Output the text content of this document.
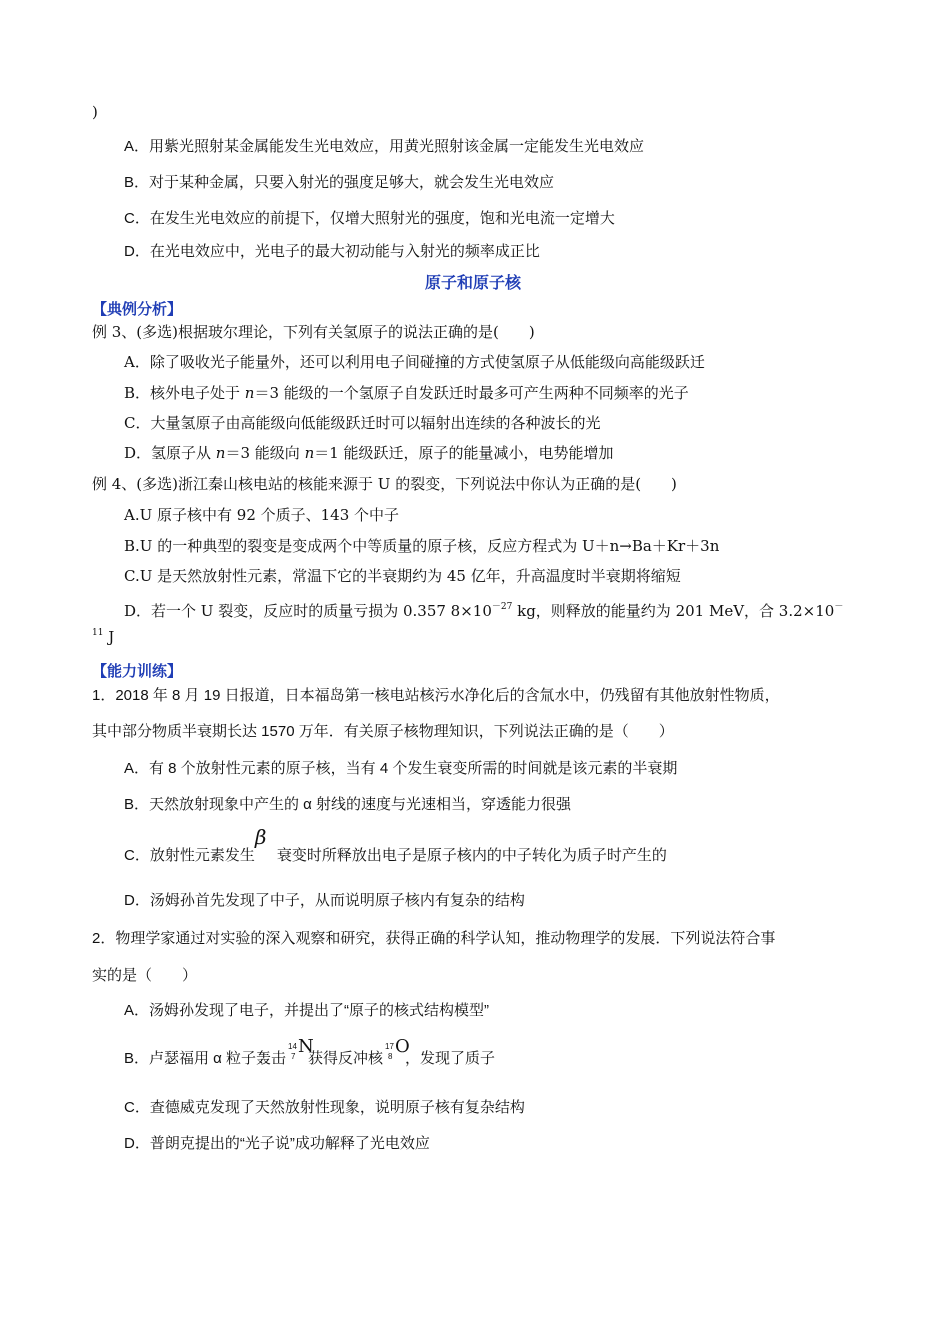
)
A．用紫光照射某金属能发生光电效应，用黄光照射该金属一定能发生光电效应
B．对于某种金属，只要入射光的强度足够大，就会发生光电效应
C．在发生光电效应的前提下，仅增大照射光的强度，饱和光电流一定增大
D．在光电效应中，光电子的最大初动能与入射光的频率成正比
原子和原子核
【典例分析】
例 3、(多选)根据玻尔理论，下列有关氢原子的说法正确的是(　　)
A．除了吸收光子能量外，还可以利用电子间碰撞的方式使氢原子从低能级向高能级跃迁
B．核外电子处于 n＝3 能级的一个氢原子自发跃迁时最多可产生两种不同频率的光子
C．大量氢原子由高能级向低能级跃迁时可以辐射出连续的各种波长的光
D．氢原子从 n＝3 能级向 n＝1 能级跃迁，原子的能量减小，电势能增加
例 4、(多选)浙江秦山核电站的核能来源于 U 的裂变，下列说法中你认为正确的是(　　)
A.U 原子核中有 92 个质子、143 个中子
B.U 的一种典型的裂变是变成两个中等质量的原子核，反应方程式为 U＋n→Ba＋Kr＋3n
C.U 是天然放射性元素，常温下它的半衰期约为 45 亿年，升高温度时半衰期将缩短
D．若一个 U 裂变，反应时的质量亏损为 0.357 $8\times 10^{-27}$ kg，则释放的能量约为 201 MeV，合 3.2×10－
$^{11}$ J
【能力训练】
1．2018 年 8 月 19 日报道，日本福岛第一核电站核污水净化后的含氚水中，仍残留有其他放射性物质，
其中部分物质半衰期长达 1570 万年．有关原子核物理知识，下列说法正确的是（　　）
A．有 8 个放射性元素的原子核，当有 4 个发生衰变所需的时间就是该元素的半衰期
B．天然放射现象中产生的 α 射线的速度与光速相当，穿透能力很强
C．放射性元素发生β衰变时所释放出电子是原子核内的中子转化为质子时产生的
D．汤姆孙首先发现了中子，从而说明原子核内有复杂的结构
2．物理学家通过对实验的深入观察和研究，获得正确的科学认知，推动物理学的发展．下列说法符合事
实的是（　　）
A．汤姆孙发现了电子，并提出了“原子的核式结构模型”
B．卢瑟福用 α 粒子轰击
14
7 N
获得反冲核
17
8 O
，发现了质子
C．查德威克发现了天然放射性现象，说明原子核有复杂结构
D．普朗克提出的“光子说”成功解释了光电效应
